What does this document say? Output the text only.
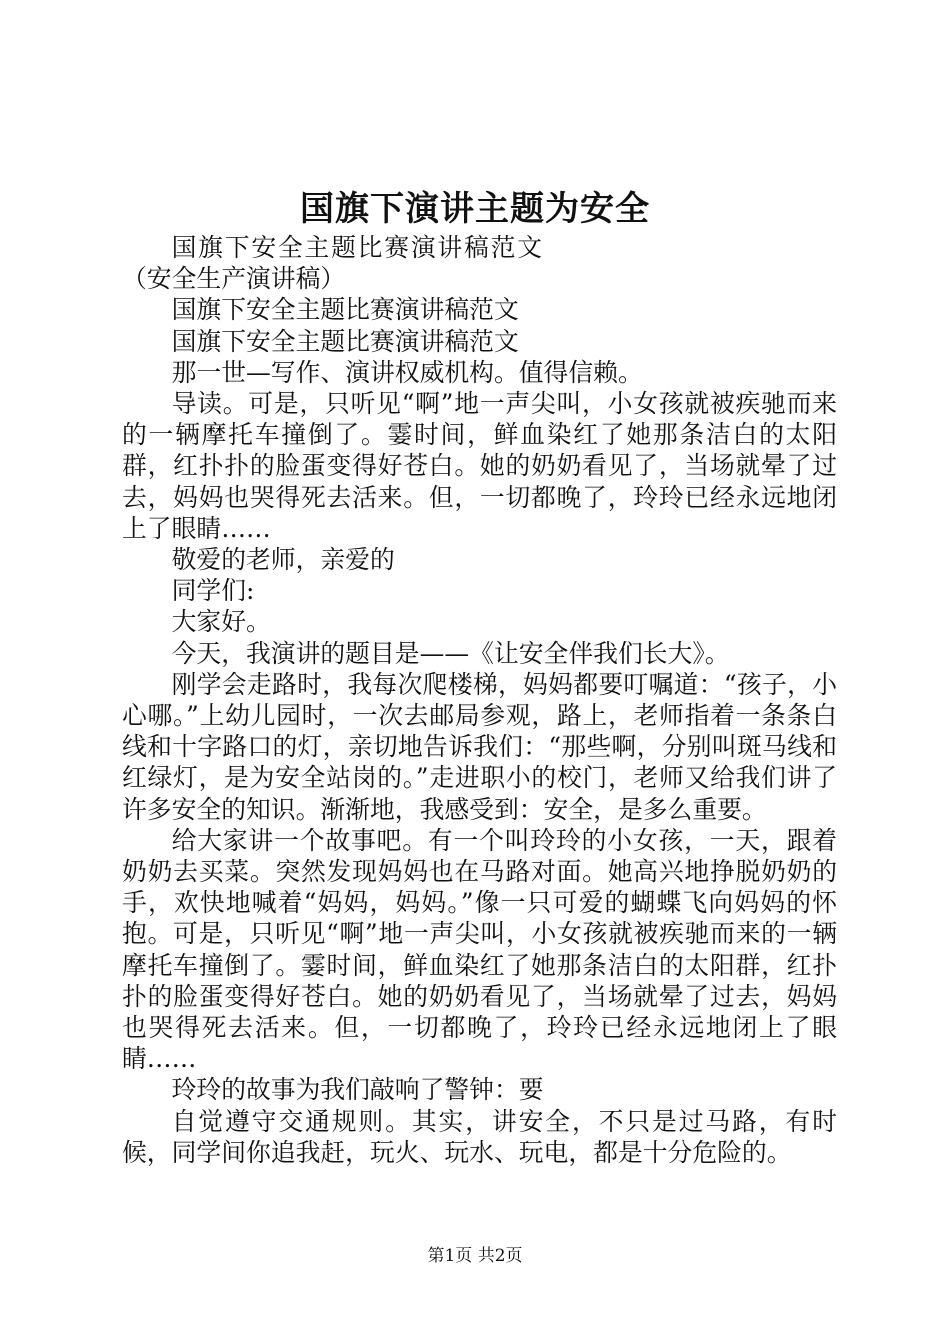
国旗下演讲主题为安全

国旗下安全主题比赛演讲稿范文（安全生产演讲稿）

国旗下安全主题比赛演讲稿范文

国旗下安全主题比赛演讲稿范文

那一世—写作、演讲权威机构。值得信赖。

导读。可是，只听见“啊”地一声尖叫，小女孩就被疾驰而来的一辆摩托车撞倒了。霎时间，鲜血染红了她那条洁白的太阳群，红扑扑的脸蛋变得好苍白。她的奶奶看见了，当场就晕了过去，妈妈也哭得死去活来。但，一切都晚了，玲玲已经永远地闭上了眼睛……

敬爱的老师，亲爱的

同学们:

大家好。

今天，我演讲的题目是——《让安全伴我们长大》。

刚学会走路时，我每次爬楼梯，妈妈都要叮嘱道：“孩子，小心哪。”上幼儿园时，一次去邮局参观，路上，老师指着一条条白线和十字路口的灯，亲切地告诉我们：“那些啊，分别叫斑马线和红绿灯，是为安全站岗的。”走进职小的校门，老师又给我们讲了许多安全的知识。渐渐地，我感受到：安全，是多么重要。

给大家讲一个故事吧。有一个叫玲玲的小女孩，一天，跟着奶奶去买菜。突然发现妈妈也在马路对面。她高兴地挣脱奶奶的手，欢快地喊着“妈妈，妈妈。”像一只可爱的蝴蝶飞向妈妈的怀抱。可是，只听见“啊”地一声尖叫，小女孩就被疾驰而来的一辆摩托车撞倒了。霎时间，鲜血染红了她那条洁白的太阳群，红扑扑的脸蛋变得好苍白。她的奶奶看见了，当场就晕了过去，妈妈也哭得死去活来。但，一切都晚了，玲玲已经永远地闭上了眼睛……

玲玲的故事为我们敲响了警钟：要

自觉遵守交通规则。其实，讲安全，不只是过马路，有时候，同学间你追我赶，玩火、玩水、玩电，都是十分危险的。

第1页 共2页
